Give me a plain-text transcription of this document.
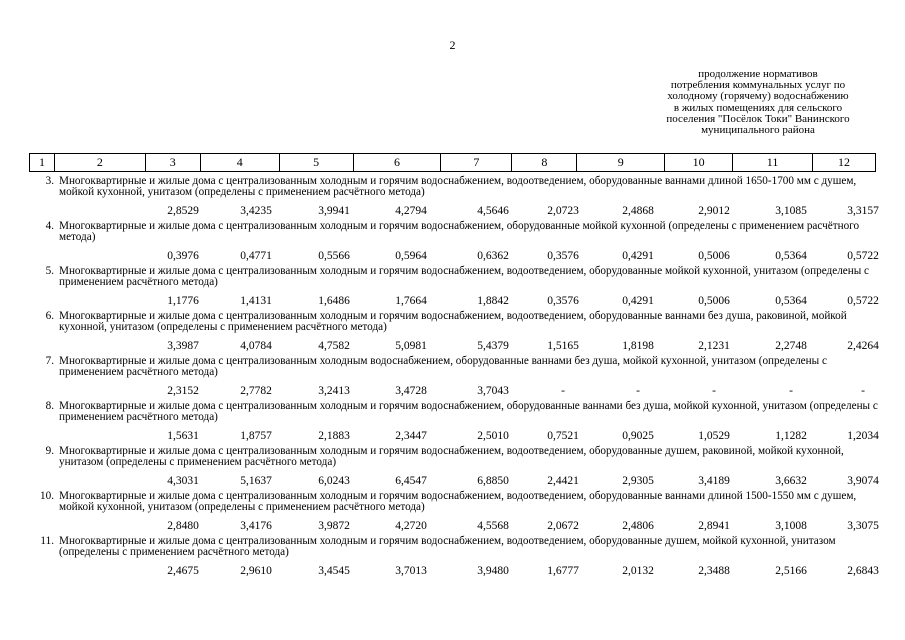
2
продолжение нормативов
потребления коммунальных услуг по
холодному (горячему) водоснабжению
в жилых помещениях для сельского
поселения "Посёлок Токи" Ванинского
муниципального района
1	2	3	4	5	6	7	8	9	10	11	12
3. Многоквартирные и жилые дома с централизованным холодным и горячим водоснабжением, водоотведением, оборудованные ваннами длиной 1650-1700 мм с душем, мойкой кухонной, унитазом (определены с применением расчётного метода)
2,8529	3,4235	3,9941	4,2794	4,5646	2,0723	2,4868	2,9012	3,1085	3,3157
4. Многоквартирные и жилые дома с централизованным холодным и горячим водоснабжением, оборудованные мойкой кухонной (определены с применением расчётного метода)
0,3976	0,4771	0,5566	0,5964	0,6362	0,3576	0,4291	0,5006	0,5364	0,5722
5. Многоквартирные и жилые дома с централизованным холодным и горячим водоснабжением, водоотведением, оборудованные мойкой кухонной, унитазом (определены с применением расчётного метода)
1,1776	1,4131	1,6486	1,7664	1,8842	0,3576	0,4291	0,5006	0,5364	0,5722
6. Многоквартирные и жилые дома с централизованным холодным и горячим водоснабжением, водоотведением, оборудованные ваннами без душа, раковиной, мойкой кухонной, унитазом (определены с применением расчётного метода)
3,3987	4,0784	4,7582	5,0981	5,4379	1,5165	1,8198	2,1231	2,2748	2,4264
7. Многоквартирные и жилые дома с централизованным холодным водоснабжением, оборудованные ваннами без душа, мойкой кухонной, унитазом (определены с применением расчётного метода)
2,3152	2,7782	3,2413	3,4728	3,7043	-	-	-	-	-
8. Многоквартирные и жилые дома с централизованным холодным и горячим водоснабжением, оборудованные ваннами без душа, мойкой кухонной, унитазом (определены с применением расчётного метода)
1,5631	1,8757	2,1883	2,3447	2,5010	0,7521	0,9025	1,0529	1,1282	1,2034
9. Многоквартирные и жилые дома с централизованным холодным и горячим водоснабжением, водоотведением, оборудованные душем, раковиной, мойкой кухонной, унитазом (определены с применением расчётного метода)
4,3031	5,1637	6,0243	6,4547	6,8850	2,4421	2,9305	3,4189	3,6632	3,9074
10. Многоквартирные и жилые дома с централизованным холодным и горячим водоснабжением, водоотведением, оборудованные ваннами длиной 1500-1550 мм с душем, мойкой кухонной, унитазом (определены с применением расчётного метода)
2,8480	3,4176	3,9872	4,2720	4,5568	2,0672	2,4806	2,8941	3,1008	3,3075
11. Многоквартирные и жилые дома с централизованным холодным и горячим водоснабжением, водоотведением, оборудованные душем, мойкой кухонной, унитазом (определены с применением расчётного метода)
2,4675	2,9610	3,4545	3,7013	3,9480	1,6777	2,0132	2,3488	2,5166	2,6843
